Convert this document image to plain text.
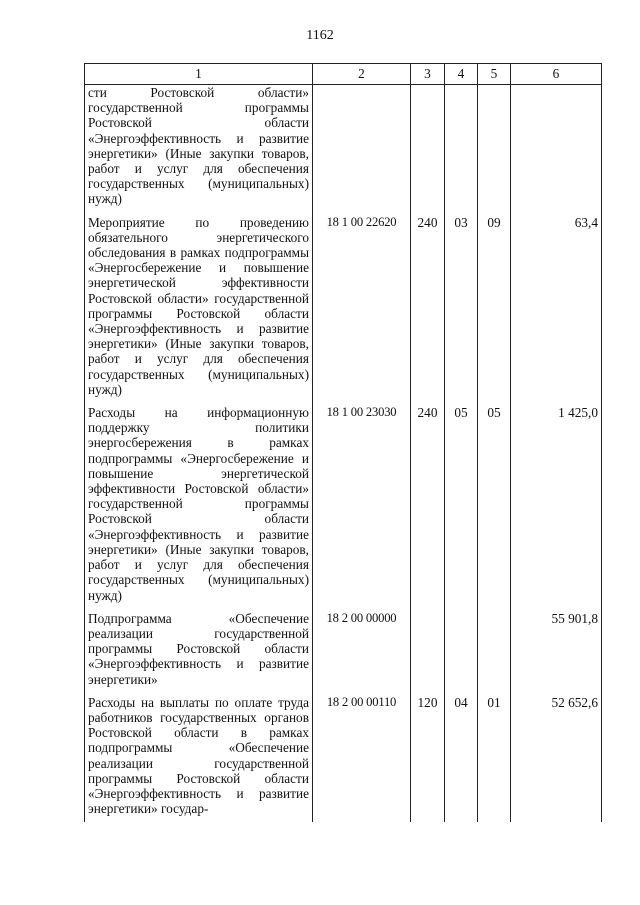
1162
1	2	3	4	5	6
сти Ростовской области» государственной программы Ростовской области «Энергоэффективность и развитие энергетики» (Иные закупки товаров, работ и услуг для обеспечения государственных (муниципальных) нужд)					
Мероприятие по проведению обязательного энергетического обследования в рамках подпрограммы «Энергосбережение и повышение энергетической эффективности Ростовской области» государственной программы Ростовской области «Энергоэффективность и развитие энергетики» (Иные закупки товаров, работ и услуг для обеспечения государственных (муниципальных) нужд)	18 1 00 22620	240	03	09	63,4
Расходы на информационную поддержку политики энергосбережения в рамках подпрограммы «Энергосбережение и повышение энергетической эффективности Ростовской области» государственной программы Ростовской области «Энергоэффективность и развитие энергетики» (Иные закупки товаров, работ и услуг для обеспечения государственных (муниципальных) нужд)	18 1 00 23030	240	05	05	1 425,0
Подпрограмма «Обеспечение реализации государственной программы Ростовской области «Энергоэффективность и развитие энергетики»	18 2 00 00000				55 901,8
Расходы на выплаты по оплате труда работников государственных органов Ростовской области в рамках подпрограммы «Обеспечение реализации государственной программы Ростовской области «Энергоэффективность и развитие энергетики» государ-	18 2 00 00110	120	04	01	52 652,6
